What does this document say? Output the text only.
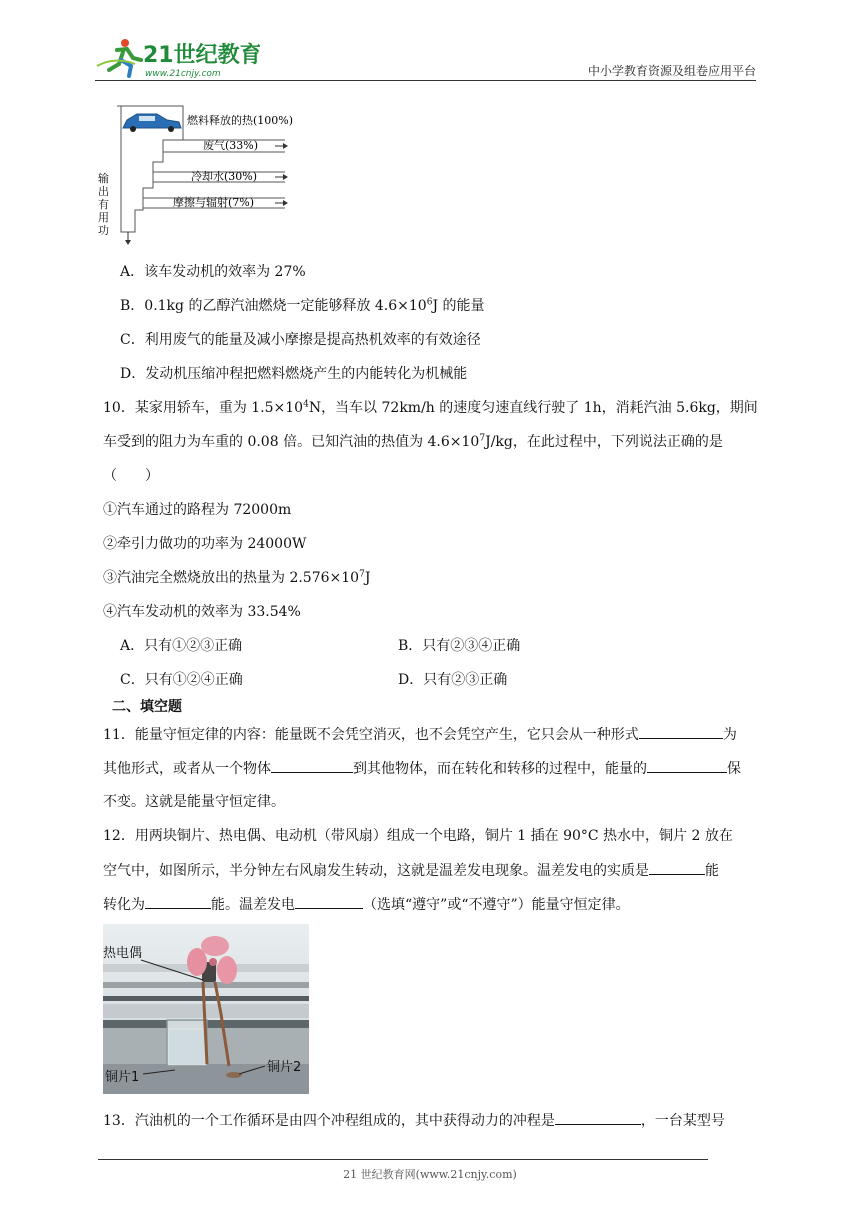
21世纪教育
www.21cnjy.com	中小学教育资源及组卷应用平台
燃料释放的热(100%)
废气(33%)
冷却水(30%)
摩擦与辐射(7%)
输出有用功
A．该车发动机的效率为 27%
B．0.1kg 的乙醇汽油燃烧一定能够释放 $4.6\times 10^6J$ 的能量
C．利用废气的能量及减小摩擦是提高热机效率的有效途径
D．发动机压缩冲程把燃料燃烧产生的内能转化为机械能
10．某家用轿车，重为 $1.5\times 10^4N$，当车以 72km/h 的速度匀速直线行驶了 1h，消耗汽油 5.6kg，期间
车受到的阻力为车重的 0.08 倍。已知汽油的热值为 $4.6\times 10^7J/kg$，在此过程中，下列说法正确的是
（　　）
①汽车通过的路程为 72000m
②牵引力做功的功率为 24000W
③汽油完全燃烧放出的热量为 $2.576\times 10^7J$
④汽车发动机的效率为 33.54%
A．只有①②③正确	B．只有②③④正确
C．只有①②④正确	D．只有②③正确
二、填空题
11．能量守恒定律的内容：能量既不会凭空消灭，也不会凭空产生，它只会从一种形式	为
其他形式，或者从一个物体	到其他物体，而在转化和转移的过程中，能量的	保
不变。这就是能量守恒定律。
12．用两块铜片、热电偶、电动机（带风扇）组成一个电路，铜片 1 插在 90°C 热水中，铜片 2 放在
空气中，如图所示，半分钟左右风扇发生转动，这就是温差发电现象。温差发电的实质是	能
转化为	能。温差发电	（选填“遵守”或“不遵守”）能量守恒定律。
热电偶
铜片1
铜片2
13．汽油机的一个工作循环是由四个冲程组成的，其中获得动力的冲程是	，一台某型号
21 世纪教育网(www.21cnjy.com)
